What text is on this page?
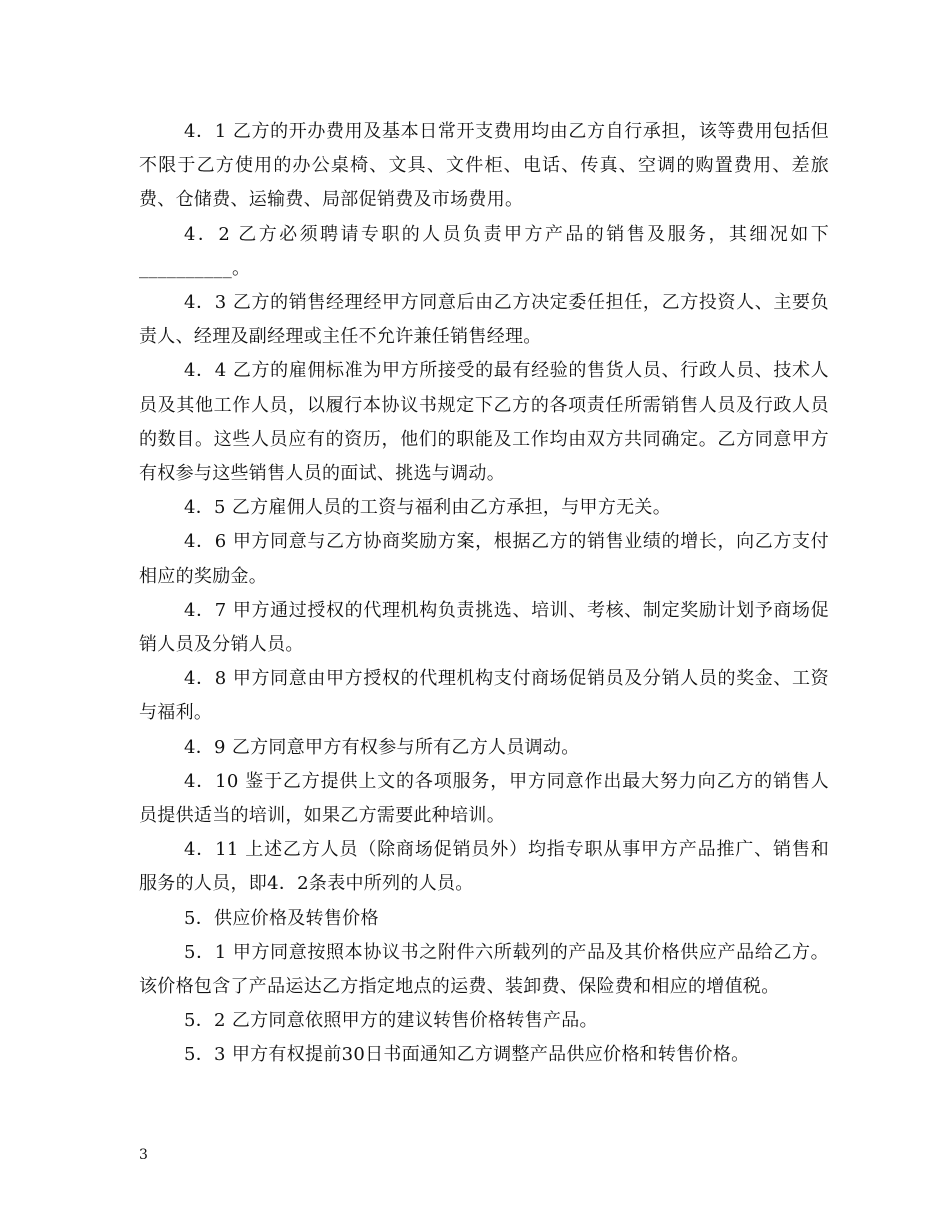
4．1 乙方的开办费用及基本日常开支费用均由乙方自行承担，该等费用包括但不限于乙方使用的办公桌椅、文具、文件柜、电话、传真、空调的购置费用、差旅费、仓储费、运输费、局部促销费及市场费用。

4．2 乙方必须聘请专职的人员负责甲方产品的销售及服务，其细况如下__________。

4．3 乙方的销售经理经甲方同意后由乙方决定委任担任，乙方投资人、主要负责人、经理及副经理或主任不允许兼任销售经理。

4．4 乙方的雇佣标准为甲方所接受的最有经验的售货人员、行政人员、技术人员及其他工作人员，以履行本协议书规定下乙方的各项责任所需销售人员及行政人员的数目。这些人员应有的资历，他们的职能及工作均由双方共同确定。乙方同意甲方有权参与这些销售人员的面试、挑选与调动。

4．5 乙方雇佣人员的工资与福利由乙方承担，与甲方无关。

4．6 甲方同意与乙方协商奖励方案，根据乙方的销售业绩的增长，向乙方支付相应的奖励金。

4．7 甲方通过授权的代理机构负责挑选、培训、考核、制定奖励计划予商场促销人员及分销人员。

4．8 甲方同意由甲方授权的代理机构支付商场促销员及分销人员的奖金、工资与福利。

4．9 乙方同意甲方有权参与所有乙方人员调动。

4．10 鉴于乙方提供上文的各项服务，甲方同意作出最大努力向乙方的销售人员提供适当的培训，如果乙方需要此种培训。

4．11 上述乙方人员（除商场促销员外）均指专职从事甲方产品推广、销售和服务的人员，即4．2条表中所列的人员。

5．供应价格及转售价格

5．1 甲方同意按照本协议书之附件六所载列的产品及其价格供应产品给乙方。该价格包含了产品运达乙方指定地点的运费、装卸费、保险费和相应的增值税。

5．2 乙方同意依照甲方的建议转售价格转售产品。

5．3 甲方有权提前30日书面通知乙方调整产品供应价格和转售价格。

3
